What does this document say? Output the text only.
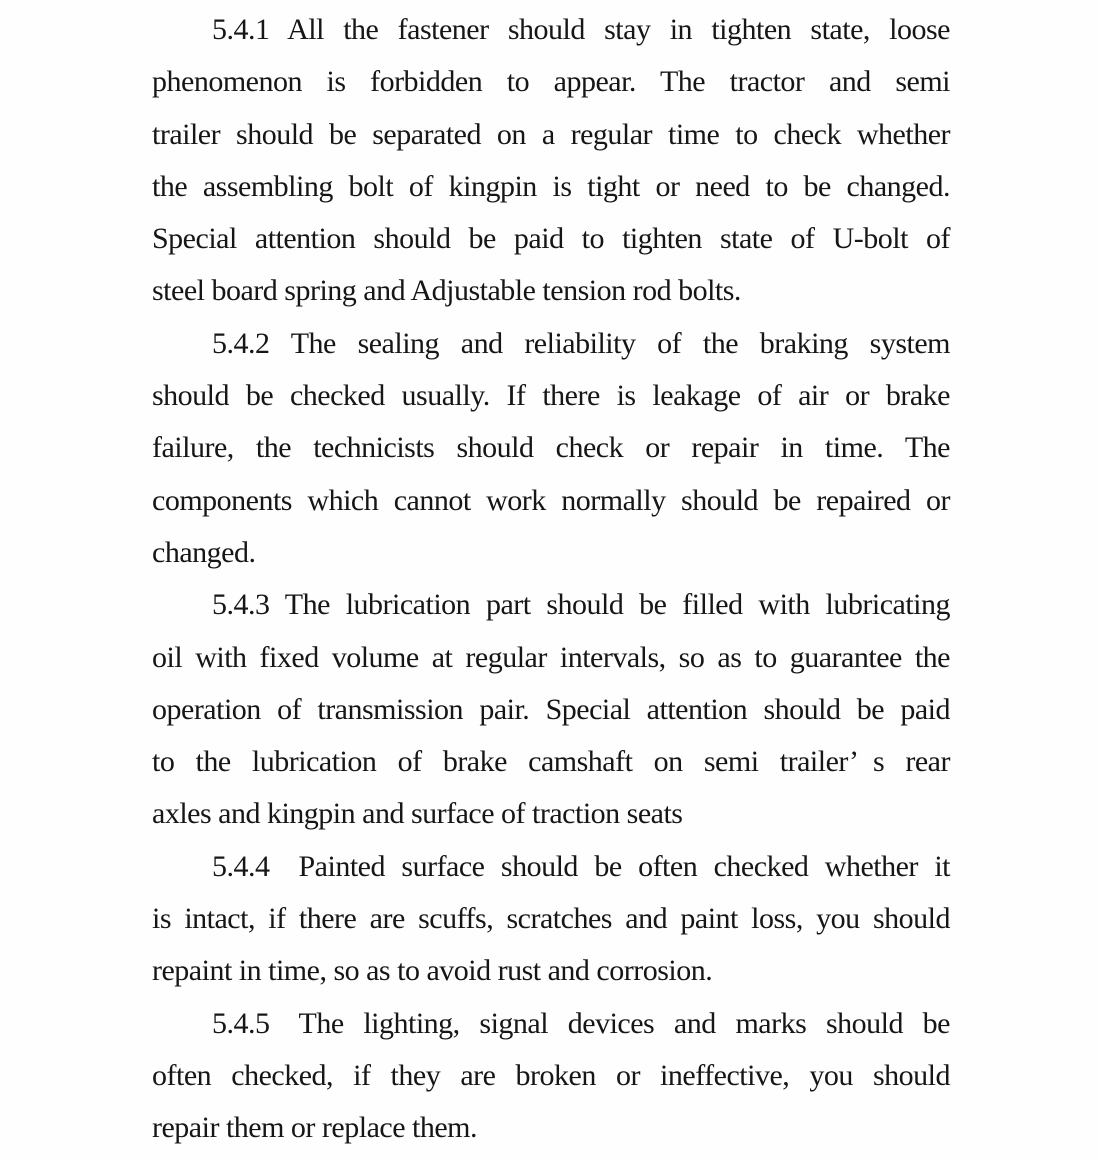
5.4.1 All the fastener should stay in tighten state, loose
phenomenon is forbidden to appear. The tractor and semi
trailer should be separated on a regular time to check whether
the assembling bolt of kingpin is tight or need to be changed.
Special attention should be paid to tighten state of U-bolt of
steel board spring and Adjustable tension rod bolts.
5.4.2 The sealing and reliability of the braking system
should be checked usually. If there is leakage of air or brake
failure, the technicists should check or repair in time. The
components which cannot work normally should be repaired or
changed.
5.4.3 The lubrication part should be filled with lubricating
oil with fixed volume at regular intervals, so as to guarantee the
operation of transmission pair. Special attention should be paid
to the lubrication of brake camshaft on semi trailer’ s rear
axles and kingpin and surface of traction seats
5.4.4  Painted surface should be often checked whether it
is intact, if there are scuffs, scratches and paint loss, you should
repaint in time, so as to avoid rust and corrosion.
5.4.5  The lighting, signal devices and marks should be
often checked, if they are broken or ineffective, you should
repair them or replace them.
